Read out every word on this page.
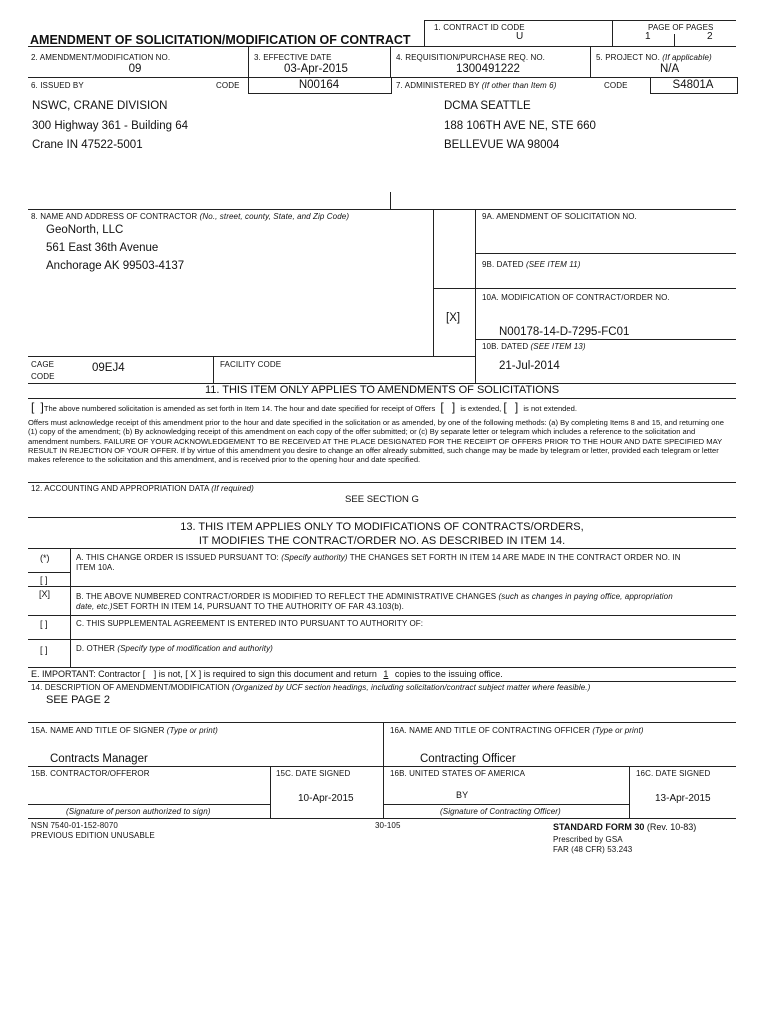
AMENDMENT OF SOLICITATION/MODIFICATION OF CONTRACT
1. CONTRACT ID CODE
U
PAGE OF PAGES
1	2
2. AMENDMENT/MODIFICATION NO.
09
3. EFFECTIVE DATE
03-Apr-2015
4. REQUISITION/PURCHASE REQ. NO.
1300491222
5. PROJECT NO. (If applicable)
N/A
6. ISSUED BY	CODE	N00164	7. ADMINISTERED BY (If other than Item 6)	CODE	S4801A
NSWC, CRANE DIVISION
300 Highway 361 - Building 64
Crane IN 47522-5001
DCMA SEATTLE
188 106TH AVE NE, STE 660
BELLEVUE WA 98004
8. NAME AND ADDRESS OF CONTRACTOR (No., street, county, State, and Zip Code)
GeoNorth, LLC
561 East 36th Avenue
Anchorage AK 99503-4137
9A. AMENDMENT OF SOLICITATION NO.
9B. DATED (SEE ITEM 11)
10A. MODIFICATION OF CONTRACT/ORDER NO.
[X]
N00178-14-D-7295-FC01
10B. DATED (SEE ITEM 13)
21-Jul-2014
CAGE
CODE
09EJ4	FACILITY CODE
11. THIS ITEM ONLY APPLIES TO AMENDMENTS OF SOLICITATIONS
[ ]The above numbered solicitation is amended as set forth in Item 14. The hour and date specified for receipt of Offers [ ] is extended, [ ] is not extended.
Offers must acknowledge receipt of this amendment prior to the hour and date specified in the solicitation or as amended, by one of the following methods: (a) By completing Items 8 and 15, and returning one (1) copy of the amendment; (b) By acknowledging receipt of this amendment on each copy of the offer submitted; or (c) By separate letter or telegram which includes a reference to the solicitation and amendment numbers. FAILURE OF YOUR ACKNOWLEDGEMENT TO BE RECEIVED AT THE PLACE DESIGNATED FOR THE RECEIPT OF OFFERS PRIOR TO THE HOUR AND DATE SPECIFIED MAY RESULT IN REJECTION OF YOUR OFFER. If by virtue of this amendment you desire to change an offer already submitted, such change may be made by telegram or letter, provided each telegram or letter makes reference to the solicitation and this amendment, and is received prior to the opening hour and date specified.
12. ACCOUNTING AND APPROPRIATION DATA (If required)
SEE SECTION G
13. THIS ITEM APPLIES ONLY TO MODIFICATIONS OF CONTRACTS/ORDERS,
IT MODIFIES THE CONTRACT/ORDER NO. AS DESCRIBED IN ITEM 14.
(*)	A. THIS CHANGE ORDER IS ISSUED PURSUANT TO: (Specify authority) THE CHANGES SET FORTH IN ITEM 14 ARE MADE IN THE CONTRACT ORDER NO. IN
ITEM 10A.
[ ]
[X]	B. THE ABOVE NUMBERED CONTRACT/ORDER IS MODIFIED TO REFLECT THE ADMINISTRATIVE CHANGES (such as changes in paying office, appropriation
date, etc.)SET FORTH IN ITEM 14, PURSUANT TO THE AUTHORITY OF FAR 43.103(b).
[ ]	C. THIS SUPPLEMENTAL AGREEMENT IS ENTERED INTO PURSUANT TO AUTHORITY OF:
[ ]	D. OTHER (Specify type of modification and authority)
E. IMPORTANT: Contractor [ ] is not, [ X ] is required to sign this document and return 1 copies to the issuing office.
14. DESCRIPTION OF AMENDMENT/MODIFICATION (Organized by UCF section headings, including solicitation/contract subject matter where feasible.)
SEE PAGE 2
15A. NAME AND TITLE OF SIGNER (Type or print)	16A. NAME AND TITLE OF CONTRACTING OFFICER (Type or print)
Contracts Manager	Contracting Officer
15B. CONTRACTOR/OFFEROR	15C. DATE SIGNED	16B. UNITED STATES OF AMERICA	16C. DATE SIGNED
10-Apr-2015	BY	13-Apr-2015
(Signature of person authorized to sign)	(Signature of Contracting Officer)
NSN 7540-01-152-8070
PREVIOUS EDITION UNUSABLE
30-105	STANDARD FORM 30 (Rev. 10-83)
Prescribed by GSA
FAR (48 CFR) 53.243
